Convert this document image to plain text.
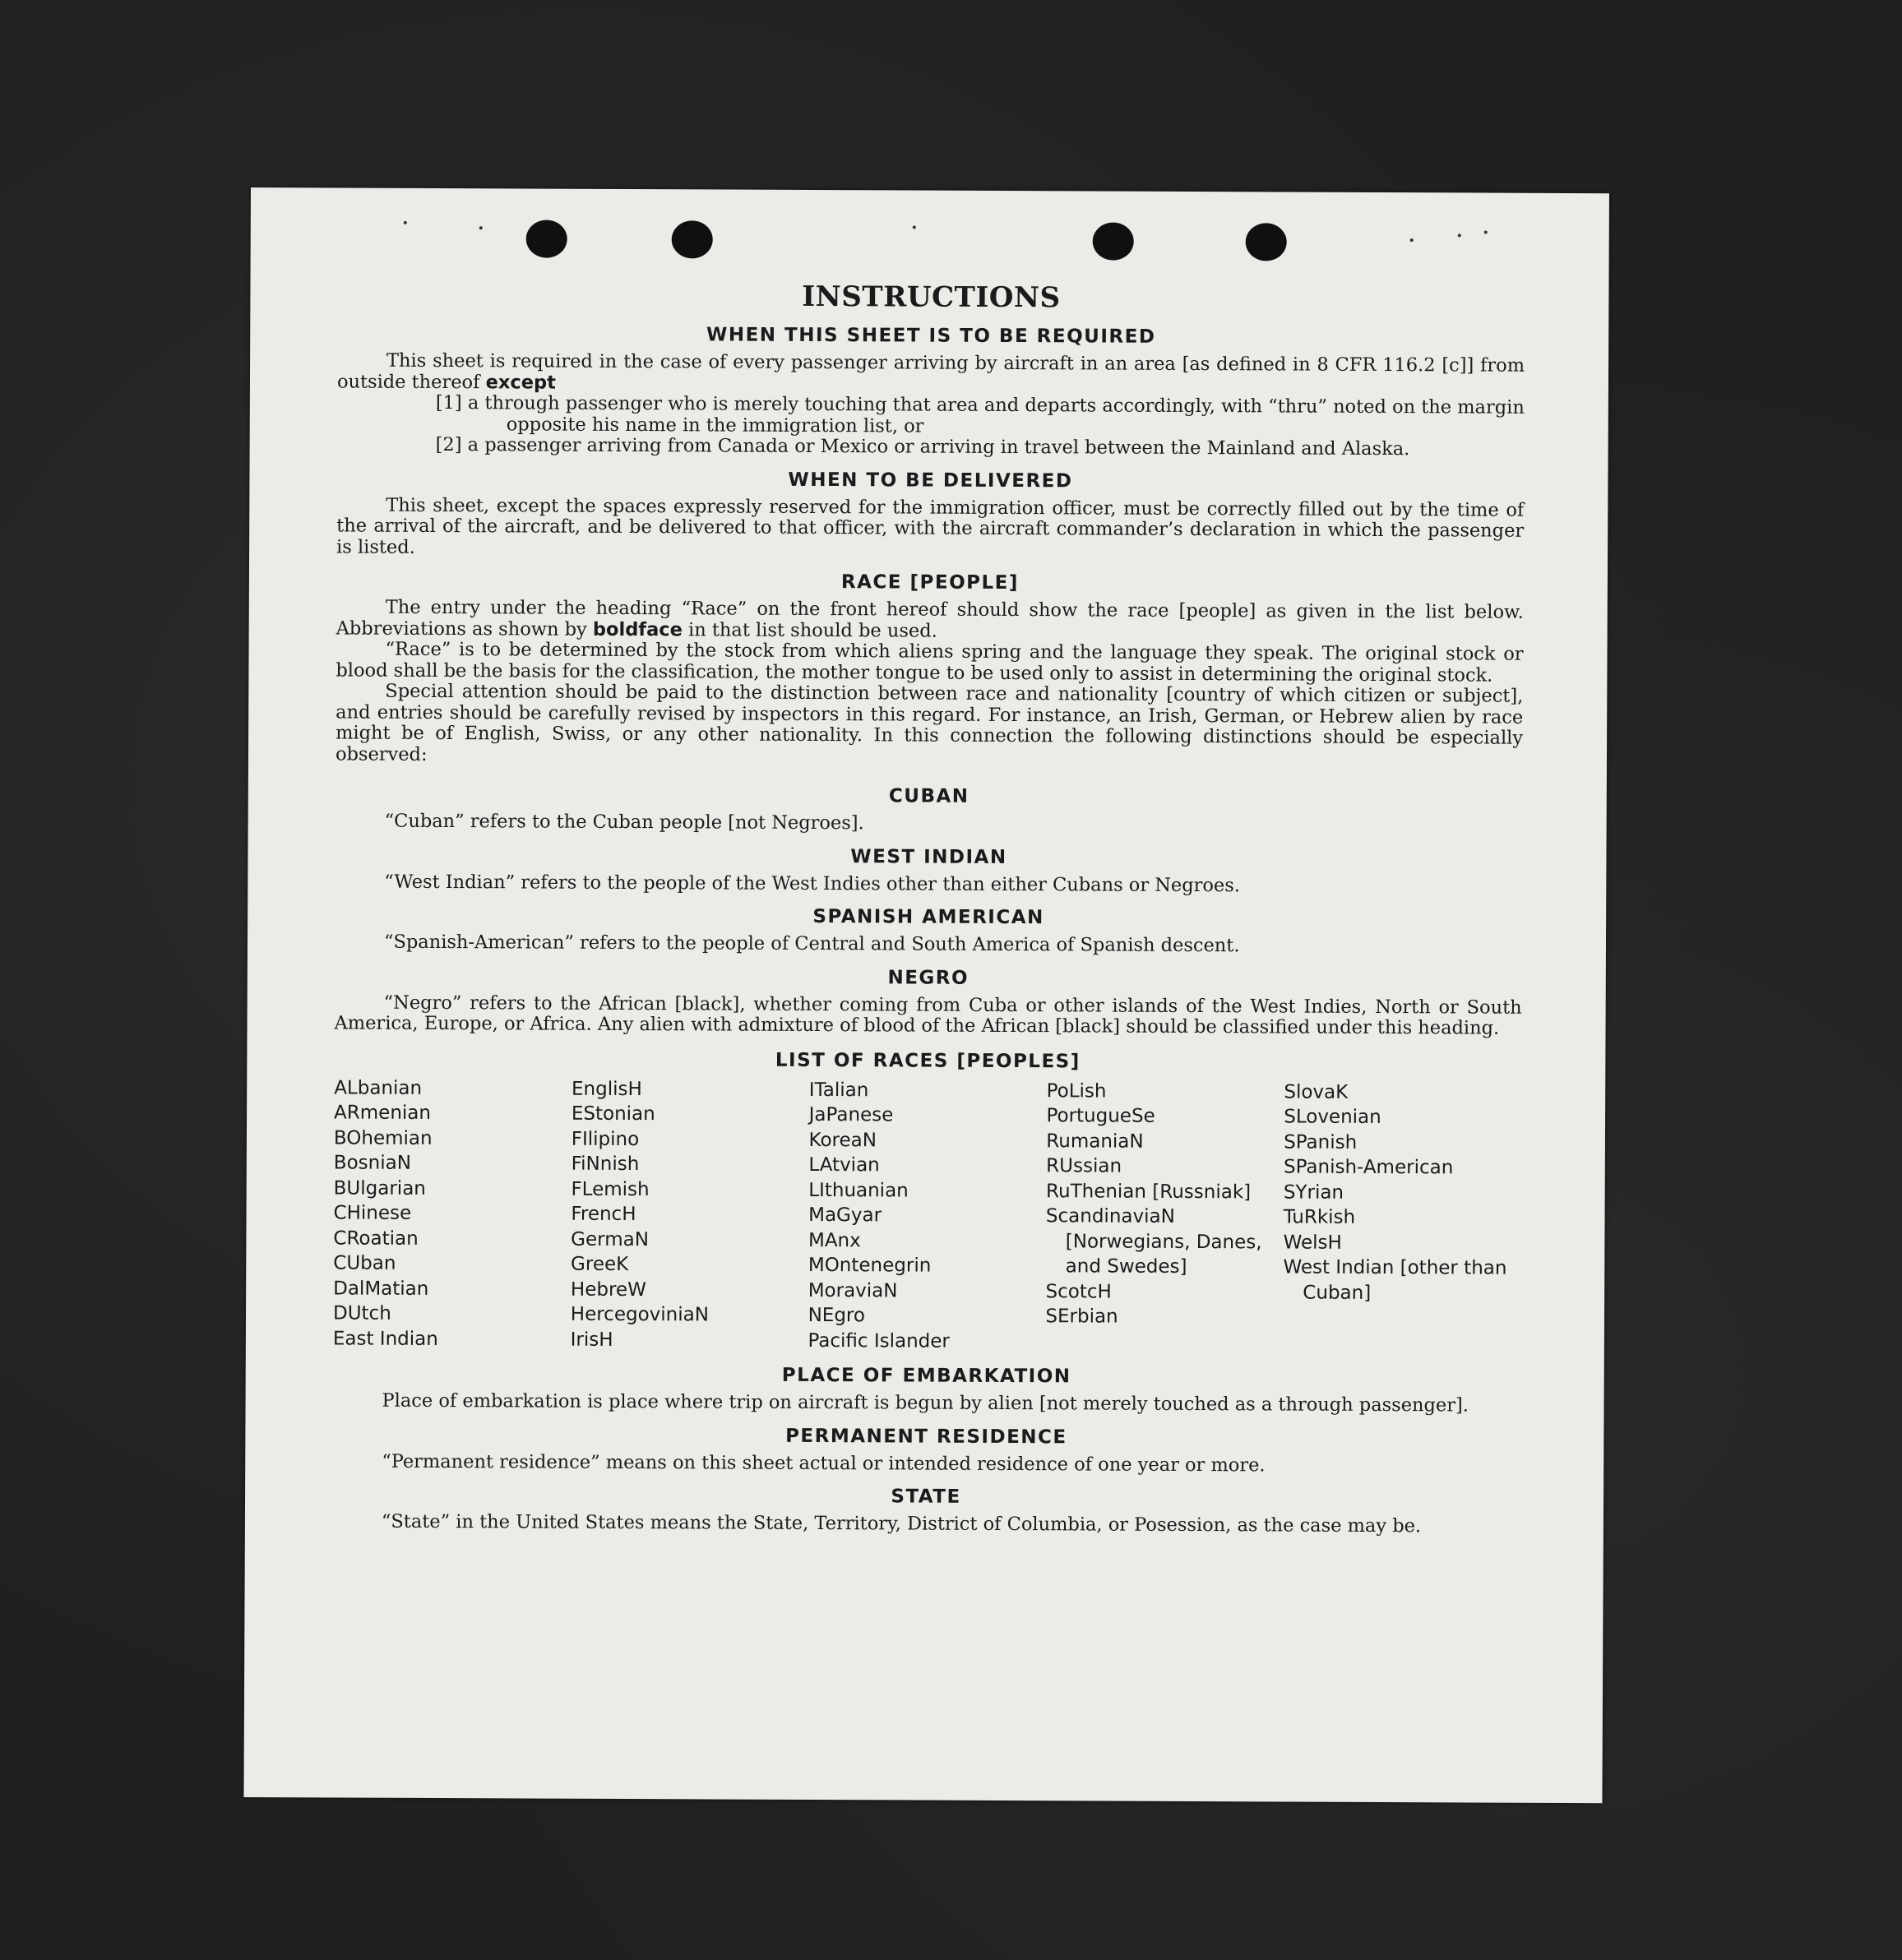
INSTRUCTIONS
WHEN THIS SHEET IS TO BE REQUIRED

This sheet is required in the case of every passenger arriving by aircraft in an area [as defined in 8 CFR 116.2 [c]] from outside thereof except

[1] a through passenger who is merely touching that area and departs accordingly, with “thru” noted on the margin opposite his name in the immigration list, or

[2] a passenger arriving from Canada or Mexico or arriving in travel between the Mainland and Alaska.

WHEN TO BE DELIVERED

This sheet, except the spaces expressly reserved for the immigration officer, must be correctly filled out by the time of the arrival of the aircraft, and be delivered to that officer, with the aircraft commander’s declaration in which the passenger is listed.

RACE [PEOPLE]

The entry under the heading “Race” on the front hereof should show the race [people] as given in the list below. Abbreviations as shown by boldface in that list should be used.

“Race” is to be determined by the stock from which aliens spring and the language they speak. The original stock or blood shall be the basis for the classification, the mother tongue to be used only to assist in determining the original stock.

Special attention should be paid to the distinction between race and nationality [country of which citizen or subject], and entries should be carefully revised by inspectors in this regard. For instance, an Irish, German, or Hebrew alien by race might be of English, Swiss, or any other nationality. In this connection the following distinctions should be especially observed:

CUBAN

“Cuban” refers to the Cuban people [not Negroes].

WEST INDIAN

“West Indian” refers to the people of the West Indies other than either Cubans or Negroes.

SPANISH AMERICAN

“Spanish-American” refers to the people of Central and South America of Spanish descent.

NEGRO

“Negro” refers to the African [black], whether coming from Cuba or other islands of the West Indies, North or South America, Europe, or Africa. Any alien with admixture of blood of the African [black] should be classified under this heading.

LIST OF RACES [PEOPLES]
ALbanian
ARmenian
BOhemian
BosniaN
BUlgarian
CHinese
CRoatian
CUban
DalMatian
DUtch
East Indian
EnglisH
EStonian
FIlipino
FiNnish
FLemish
FrencH
GermaN
GreeK
HebreW
HercegoviniaN
IrisH
ITalian
JaPanese
KoreaN
LAtvian
LIthuanian
MaGyar
MAnx
MOntenegrin
MoraviaN
NEgro
Pacific Islander
PoLish
PortugueSe
RumaniaN
RUssian
RuThenian [Russniak]
ScandinaviaN [Norwegians, Danes, and Swedes]
ScotcH
SErbian
SlovaK
SLovenian
SPanish
SPanish-American
SYrian
TuRkish
WelsH
West Indian [other than Cuban]
PLACE OF EMBARKATION

Place of embarkation is place where trip on aircraft is begun by alien [not merely touched as a through passenger].

PERMANENT RESIDENCE

“Permanent residence” means on this sheet actual or intended residence of one year or more.

STATE

“State” in the United States means the State, Territory, District of Columbia, or Posession, as the case may be.
